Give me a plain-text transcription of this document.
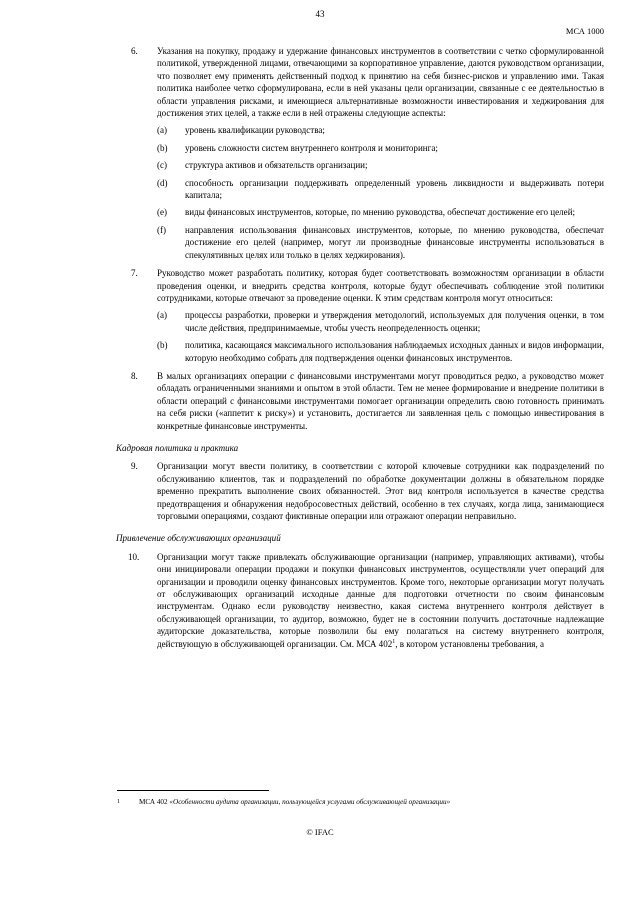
43
МСА 1000
6. Указания на покупку, продажу и удержание финансовых инструментов в соответствии с четко сформулированной политикой, утвержденной лицами, отвечающими за корпоративное управление, даются руководством организации, что позволяет ему применять действенный подход к принятию на себя бизнес-рисков и управлению ими. Такая политика наиболее четко сформулирована, если в ней указаны цели организации, связанные с ее деятельностью в области управления рисками, и имеющиеся альтернативные возможности инвестирования и хеджирования для достижения этих целей, а также если в ней отражены следующие аспекты:

(a) уровень квалификации руководства;
(b) уровень сложности систем внутреннего контроля и мониторинга;
(c) структура активов и обязательств организации;
(d) способность организации поддерживать определенный уровень ликвидности и выдерживать потери капитала;
(e) виды финансовых инструментов, которые, по мнению руководства, обеспечат достижение его целей;
(f) направления использования финансовых инструментов, которые, по мнению руководства, обеспечат достижение его целей (например, могут ли производные финансовые инструменты использоваться в спекулятивных целях или только в целях хеджирования).
7. Руководство может разработать политику, которая будет соответствовать возможностям организации в области проведения оценки, и внедрить средства контроля, которые будут обеспечивать соблюдение этой политики сотрудниками, которые отвечают за проведение оценки. К этим средствам контроля могут относиться:

(a) процессы разработки, проверки и утверждения методологий, используемых для получения оценки, в том числе действия, предпринимаемые, чтобы учесть неопределенность оценки;
(b) политика, касающаяся максимального использования наблюдаемых исходных данных и видов информации, которую необходимо собрать для подтверждения оценки финансовых инструментов.
8. В малых организациях операции с финансовыми инструментами могут проводиться редко, а руководство может обладать ограниченными знаниями и опытом в этой области. Тем не менее формирование и внедрение политики в области операций с финансовыми инструментами помогает организации определить свою готовность принимать на себя риски («аппетит к риску») и установить, достигается ли заявленная цель с помощью инвестирования в конкретные финансовые инструменты.

Кадровая политика и практика
9. Организации могут ввести политику, в соответствии с которой ключевые сотрудники как подразделений по обслуживанию клиентов, так и подразделений по обработке документации должны в обязательном порядке временно прекратить выполнение своих обязанностей. Этот вид контроля используется в качестве средства предотвращения и обнаружения недобросовестных действий, особенно в тех случаях, когда лица, занимающиеся торговыми операциями, создают фиктивные операции или отражают операции неправильно.

Привлечение обслуживающих организаций
10. Организации могут также привлекать обслуживающие организации (например, управляющих активами), чтобы они инициировали операции продажи и покупки финансовых инструментов, осуществляли учет операций для организации и проводили оценку финансовых инструментов. Кроме того, некоторые организации могут получать от обслуживающих организаций исходные данные для подготовки отчетности по своим финансовым инструментам. Однако если руководству неизвестно, какая система внутреннего контроля действует в обслуживающей организации, то аудитор, возможно, будет не в состоянии получить достаточные надлежащие аудиторские доказательства, которые позволили бы ему полагаться на систему внутреннего контроля, действующую в обслуживающей организации. См. МСА $402^1$, в котором установлены требования, а

1	МСА 402 «Особенности аудита организации, пользующейся услугами обслуживающей организации»
© IFAC
